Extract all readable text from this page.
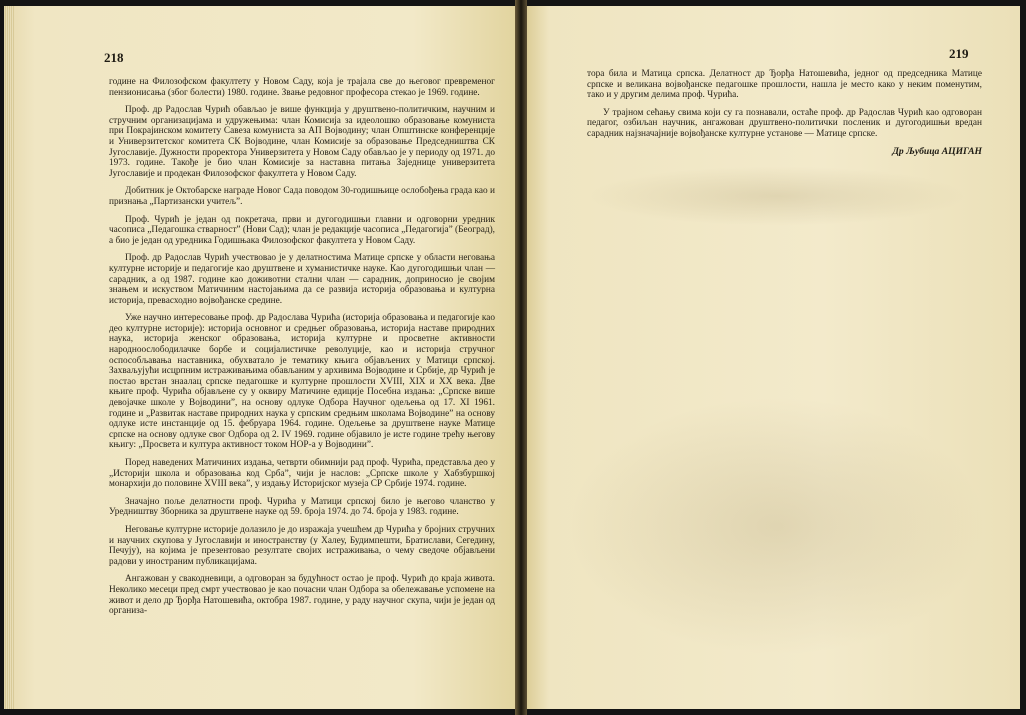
218

године на Филозофском факултету у Новом Саду, која је трајала све до његовог превременог пензионисања (због болести) 1980. године. Звање редовног професора стекао је 1969. године.

Проф. др Радослав Чурић обављао је више функција у друштвено-политичким, научним и стручним организацијама и удружењима: члан Комисија за идеолошко образовање комуниста при Покрајинском комитету Савеза комуниста за АП Војводину; члан Општинске конференције и Универзитетског комитета СК Војводине, члан Комисије за образовање Председништва СК Југославије. Дужности проректора Универзитета у Новом Саду обављао је у периоду од 1971. до 1973. године. Такође је био члан Комисије за наставна питања Заједнице универзитета Југославије и продекан Филозофског факултета у Новом Саду.

Добитник је Октобарске награде Новог Сада поводом 30-годишњице ослобођења града као и признања „Партизански учитељ”.

Проф. Чурић је један од покретача, први и дугогодишњи главни и одговорни уредник часописа „Педагошка стварност” (Нови Сад); члан је редакције часописа „Педагогија” (Београд), а био је један од уредника Годишњака Филозофског факултета у Новом Саду.

Проф. др Радослав Чурић учествовао је у делатностима Матице српске у области неговања културне историје и педагогије као друштвене и хуманистичке науке. Као дугогодишњи члан — сарадник, а од 1987. године као доживотни стални члан — сарадник, доприносио је својим знањем и искуством Матичиним настојањима да се развија историја образовања и културна историја, превасходно војвођанске средине.

Уже научно интересовање проф. др Радослава Чурића (историја образовања и педагогије као део културне историје): историја основног и средњег образовања, историја наставе природних наука, историја женског образовања, историја културне и просветне активности народноослободилачке борбе и социјалистичке револуције, као и историја стручног оспособљавања наставника, обухватало је тематику књига објављених у Матици српској. Захваљујући исцрпним истраживањима обављаним у архивима Војводине и Србије, др Чурић је постао врстан знаалац српске педагошке и културне прошлости XVIII, XIX и XX века. Две књиге проф. Чурића објављене су у оквиру Матичине едиције Посебна издања: „Српске више девојачке школе у Војводини”, на основу одлуке Одбора Научног одељења од 17. XI 1961. године и „Развитак наставе природних наука у српским средњим школама Војводине” на основу одлуке исте инстанције од 15. фебруара 1964. године. Одељење за друштвене науке Матице српске на основу одлуке свог Одбора од 2. IV 1969. године објавило је исте године трећу његову књигу: „Просвета и култура активност током НОР-а у Војводини”.

Поред наведених Матичиних издања, четврти обимнији рад проф. Чурића, представља део у „Историји школа и образовања код Срба”, чији је наслов: „Српске школе у Хабзбуршкој монархији до половине XVIII века”, у издању Историјског музеја СР Србије 1974. године.

Значајно поље делатности проф. Чурића у Матици српској било је његово чланство у Уредништву Зборника за друштвене науке од 59. броја 1974. до 74. броја у 1983. године.

Неговање културне историје долазило је до изражаја учешћем др Чурића у бројних стручних и научних скупова у Југославији и иностранству (у Халеу, Будимпешти, Братислави, Сегедину, Печују), на којима је презентовао резултате својих истраживања, о чему сведоче објављени радови у иностраним публикацијама.

Ангажован у свакодневици, а одговоран за будућност остао је проф. Чурић до краја живота. Неколико месеци пред смрт учествовао је као почасни члан Одбора за обележавање успомене на живот и дело др Ђорђа Натошевића, октобра 1987. године, у раду научног скупа, чији је један од организа-

219

тора била и Матица српска. Делатност др Ђорђа Натошевића, једног од председника Матице српске и великана војвођанске педагошке прошлости, нашла је место како у неким поменутим, тако и у другим делима проф. Чурића.

У трајном сећању свима који су га познавали, остаће проф. др Радослав Чурић као одговоран педагог, озбиљан научник, ангажован друштвено-политички посленик и дугогодишњи вредан сарадник најзначајније војвођанске културне установе — Матице српске.

Др Љубица АЦИГАН
